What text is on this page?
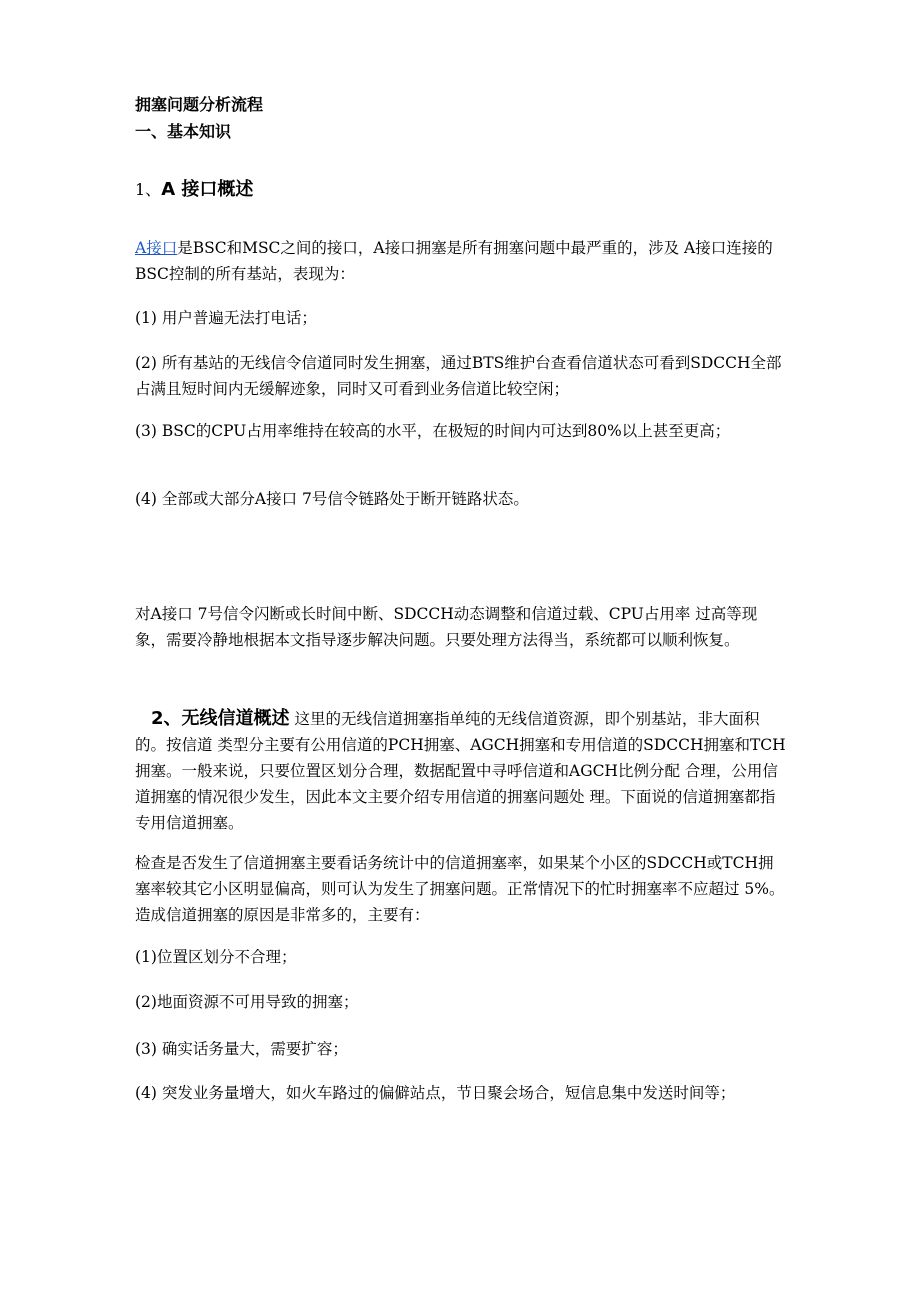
拥塞问题分析流程
一、基本知识
1、A 接口概述
A接口是BSC和MSC之间的接口，A接口拥塞是所有拥塞问题中最严重的，涉及 A接口连接的BSC控制的所有基站，表现为：
(1) 用户普遍无法打电话；
(2) 所有基站的无线信令信道同时发生拥塞，通过BTS维护台查看信道状态可看到SDCCH全部占满且短时间内无缓解迹象，同时又可看到业务信道比较空闲；
(3) BSC的CPU占用率维持在较高的水平，在极短的时间内可达到80%以上甚至更高；
(4) 全部或大部分A接口 7号信令链路处于断开链路状态。
对A接口 7号信令闪断或长时间中断、SDCCH动态调整和信道过载、CPU占用率 过高等现象，需要冷静地根据本文指导逐步解决问题。只要处理方法得当，系统都可以顺利恢复。
2、无线信道概述 这里的无线信道拥塞指单纯的无线信道资源，即个别基站，非大面积的。按信道 类型分主要有公用信道的PCH拥塞、AGCH拥塞和专用信道的SDCCH拥塞和TCH 拥塞。一般来说，只要位置区划分合理，数据配置中寻呼信道和AGCH比例分配 合理，公用信道拥塞的情况很少发生，因此本文主要介绍专用信道的拥塞问题处 理。下面说的信道拥塞都指专用信道拥塞。
检查是否发生了信道拥塞主要看话务统计中的信道拥塞率，如果某个小区的SDCCH或TCH拥塞率较其它小区明显偏高，则可认为发生了拥塞问题。正常情况下的忙时拥塞率不应超过 5%。造成信道拥塞的原因是非常多的，主要有：
(1)位置区划分不合理；
(2)地面资源不可用导致的拥塞；
(3) 确实话务量大，需要扩容；
(4) 突发业务量增大，如火车路过的偏僻站点，节日聚会场合，短信息集中发送时间等；
